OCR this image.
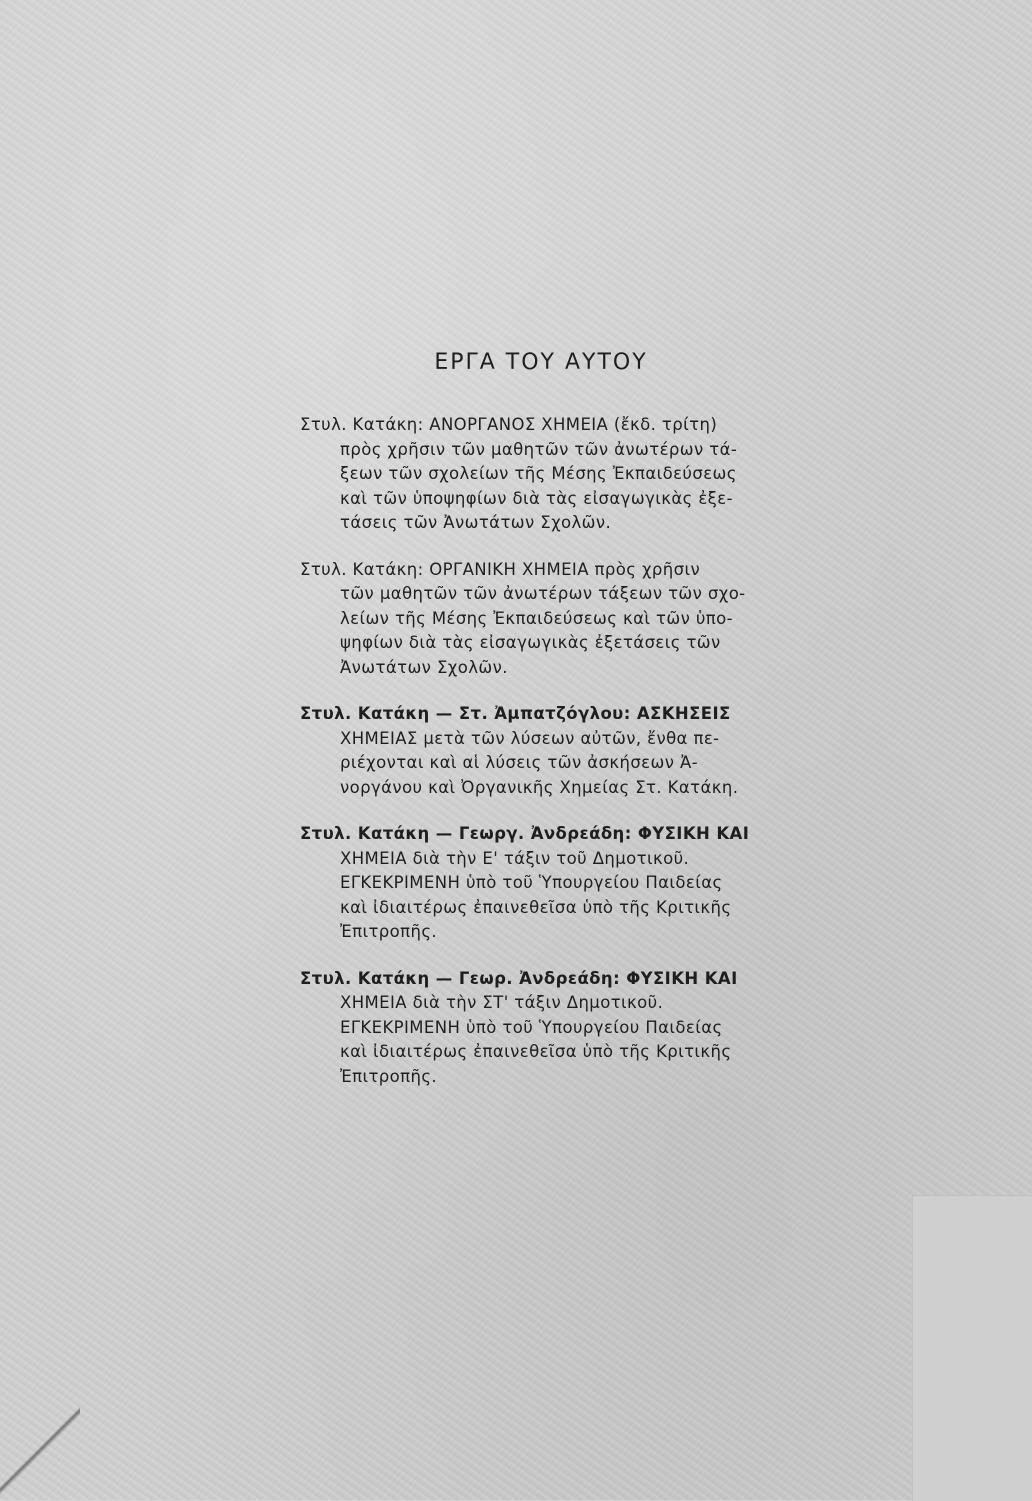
ΕΡΓΑ ΤΟΥ ΑΥΤΟΥ
Στυλ. Κατάκη: ΑΝΟΡΓΑΝΟΣ ΧΗΜΕΙΑ (ἔκδ. τρίτη)
πρὸς χρῆσιν τῶν μαθητῶν τῶν ἀνωτέρων τά-
ξεων τῶν σχολείων τῆς Μέσης Ἐκπαιδεύσεως
καὶ τῶν ὑποψηφίων διὰ τὰς εἰσαγωγικὰς ἐξε-
τάσεις τῶν Ἀνωτάτων Σχολῶν.
Στυλ. Κατάκη: ΟΡΓΑΝΙΚΗ ΧΗΜΕΙΑ πρὸς χρῆσιν
τῶν μαθητῶν τῶν ἀνωτέρων τάξεων τῶν σχο-
λείων τῆς Μέσης Ἐκπαιδεύσεως καὶ τῶν ὑπο-
ψηφίων διὰ τὰς εἰσαγωγικὰς ἐξετάσεις τῶν
Ἀνωτάτων Σχολῶν.
Στυλ. Κατάκη — Στ. Ἀμπατζόγλου: ΑΣΚΗΣΕΙΣ
ΧΗΜΕΙΑΣ μετὰ τῶν λύσεων αὐτῶν, ἔνθα πε-
ριέχονται καὶ αἱ λύσεις τῶν ἀσκήσεων Ἀ-
νοργάνου καὶ Ὀργανικῆς Χημείας Στ. Κατάκη.
Στυλ. Κατάκη — Γεωργ. Ἀνδρεάδη: ΦΥΣΙΚΗ ΚΑΙ
ΧΗΜΕΙΑ διὰ τὴν Ε' τάξιν τοῦ Δημοτικοῦ.
ΕΓΚΕΚΡΙΜΕΝΗ ὑπὸ τοῦ Ὑπουργείου Παιδείας
καὶ ἰδιαιτέρως ἐπαινεθεῖσα ὑπὸ τῆς Κριτικῆς
Ἐπιτροπῆς.
Στυλ. Κατάκη — Γεωρ. Ἀνδρεάδη: ΦΥΣΙΚΗ ΚΑΙ
ΧΗΜΕΙΑ διὰ τὴν ΣΤ' τάξιν Δημοτικοῦ.
ΕΓΚΕΚΡΙΜΕΝΗ ὑπὸ τοῦ Ὑπουργείου Παιδείας
καὶ ἰδιαιτέρως ἐπαινεθεῖσα ὑπὸ τῆς Κριτικῆς
Ἐπιτροπῆς.
